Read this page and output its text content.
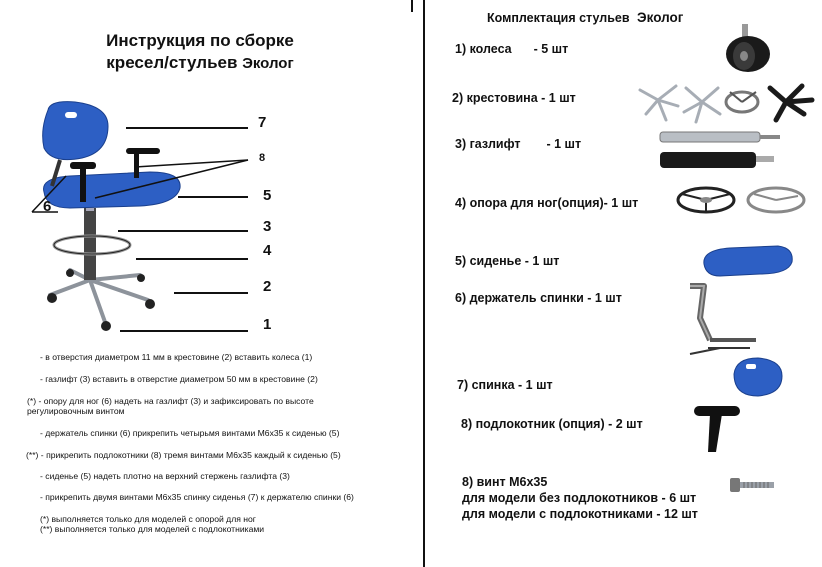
Инструкция по сборке
кресел/стульев Эколог
7
8
5
6
3
4
2
1
- в отверстия диаметром 11 мм в крестовине (2) вставить колеса (1)
- газлифт (3) вставить в отверстие диаметром 50 мм в крестовине (2)
(*) - опору для ног (6) надеть на газлифт (3) и зафиксировать по высоте регулировочным винтом
- держатель спинки (6) прикрепить четырьмя винтами М6х35 к сиденью (5)
(**) - прикрепить подлокотники (8) тремя винтами М6х35 каждый к сиденью (5)
- сиденье (5) надеть плотно на верхний стержень газлифта (3)
- прикрепить двумя винтами М6х35 спинку сиденья (7) к держателю спинки (6)
(*) выполняется только для моделей с опорой для ног
(**) выполняется только для моделей с подлокотниками
Комплектация стульев Эколог
1) колеса - 5 шт
2) крестовина - 1 шт
3) газлифт - 1 шт
4) опора для ног(опция)- 1 шт
5) сиденье - 1 шт
6) держатель спинки - 1 шт
7) спинка - 1 шт
8) подлокотник (опция) - 2 шт
8) винт М6х35
для модели без подлокотников - 6 шт
для модели с подлокотниками - 12 шт
